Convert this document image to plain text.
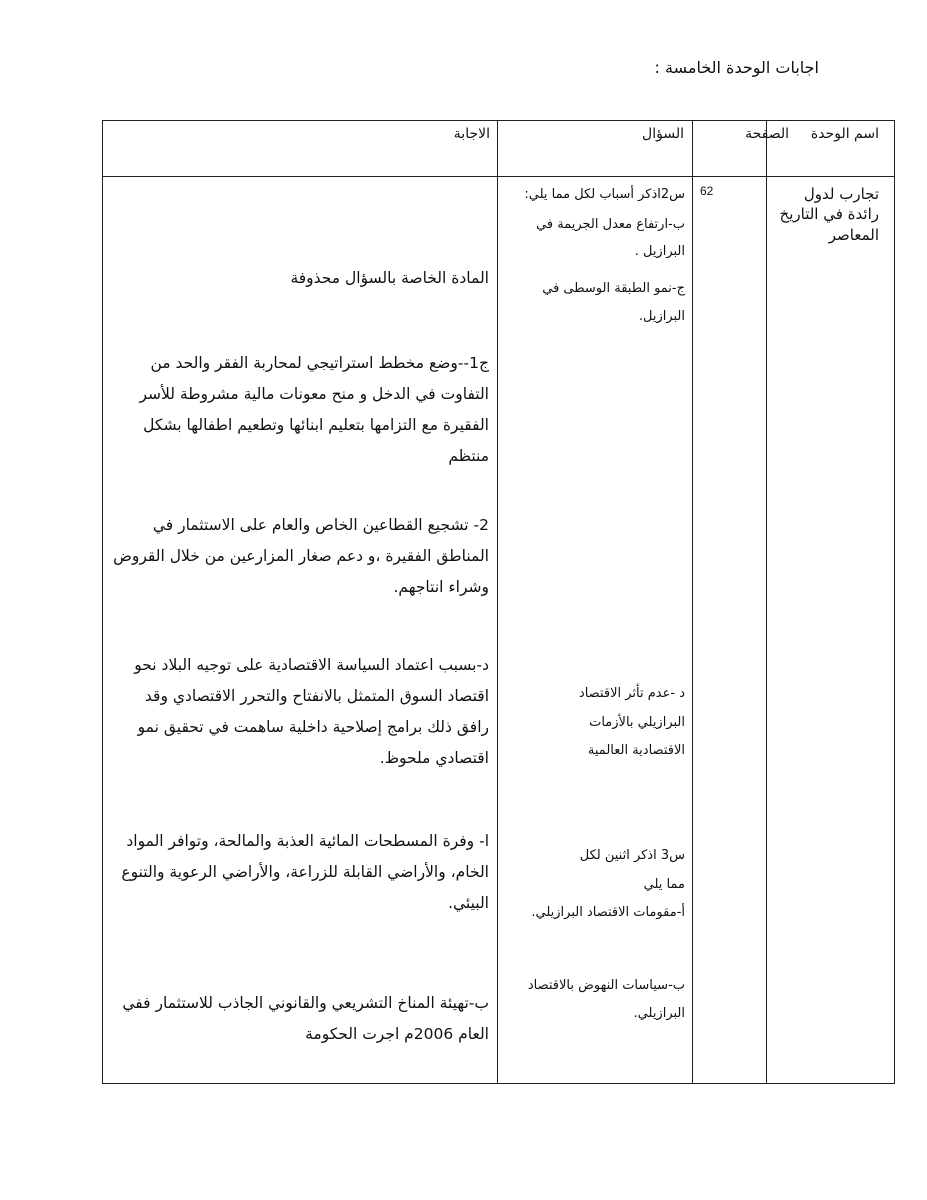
اجابات الوحدة الخامسة :
اسم الوحدة
الصفحة
السؤال
الاجابة
تجارب لدول رائدة في التاريخ المعاصر
62

س2اذكر أسباب لكل مما يلي:

ب-ارتفاع معدل الجريمة في البرازيل .

ج-نمو الطبقة الوسطى في البرازيل.

د -عدم تأثر الاقتصاد

البرازيلي بالأزمات

الاقتصادية العالمية

س3 اذكر اثنين لكل

مما يلي

أ-مقومات الاقتصاد البرازيلي.

ب-سياسات النهوض بالاقتصاد البرازيلي.

المادة الخاصة بالسؤال محذوفة
ج1--وضع مخطط استراتيجي لمحاربة الفقر والحد من التفاوت في الدخل و منح معونات مالية مشروطة للأسر الفقيرة مع التزامها بتعليم ابنائها وتطعيم اطفالها بشكل منتظم
2- تشجيع القطاعين الخاص والعام على الاستثمار في المناطق الفقيرة ،و دعم صغار المزارعين من خلال القروض وشراء انتاجهم.
د-بسبب اعتماد السياسة الاقتصادية على توجيه البلاد نحو اقتصاد السوق المتمثل بالانفتاح والتحرر الاقتصادي وقد رافق ذلك برامج إصلاحية داخلية ساهمت في تحقيق نمو اقتصادي ملحوظ.
ا- وفرة المسطحات المائية العذبة والمالحة، وتوافر المواد الخام، والأراضي القابلة للزراعة، والأراضي الرعوية والتنوع البيئي.
ب-تهيئة المناخ التشريعي والقانوني الجاذب للاستثمار ففي العام 2006م اجرت الحكومة
